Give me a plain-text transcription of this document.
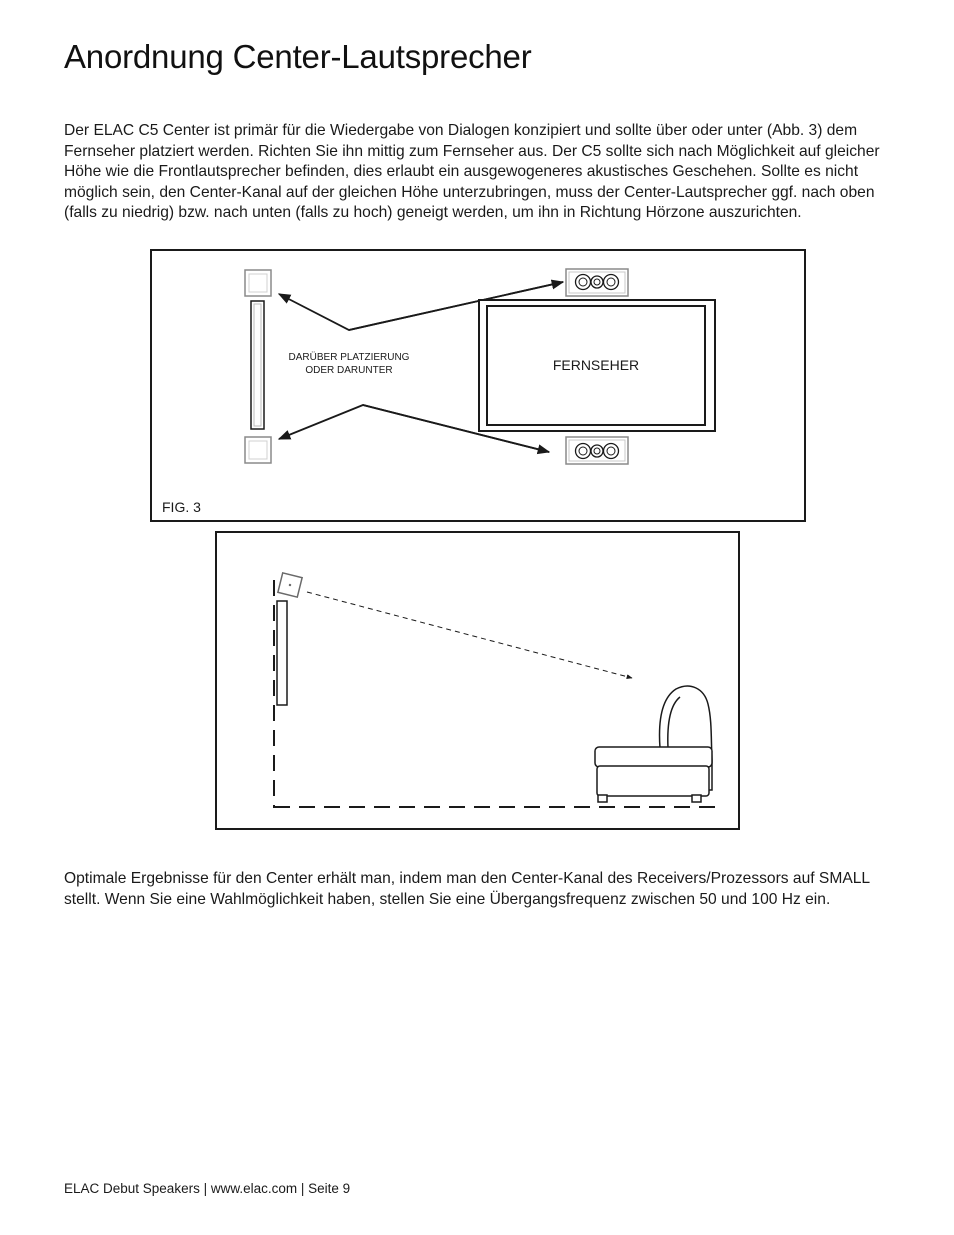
Anordnung Center-Lautsprecher

Der ELAC C5 Center ist primär für die Wiedergabe von Dialogen konzipiert und sollte über oder unter (Abb. 3) dem Fernseher platziert werden. Richten Sie ihn mittig zum Fernseher aus. Der C5 sollte sich nach Möglichkeit auf gleicher Höhe wie die Frontlautsprecher befinden, dies erlaubt ein ausgewogeneres akustisches Geschehen. Sollte es nicht möglich sein, den Center-Kanal auf der gleichen Höhe unterzubringen, muss der Center-Lautsprecher ggf. nach oben (falls zu niedrig) bzw. nach unten (falls zu hoch) geneigt werden, um ihn in Richtung Hörzone auszurichten.

DARÜBER PLATZIERUNG
ODER DARUNTER	FERNSEHER
FIG. 3

Optimale Ergebnisse für den Center erhält man, indem man den Center-Kanal des Receivers/Prozessors auf SMALL stellt. Wenn Sie eine Wahlmöglichkeit haben, stellen Sie eine Übergangsfrequenz zwischen 50 und 100 Hz ein.

ELAC Debut Speakers | www.elac.com | Seite 9
